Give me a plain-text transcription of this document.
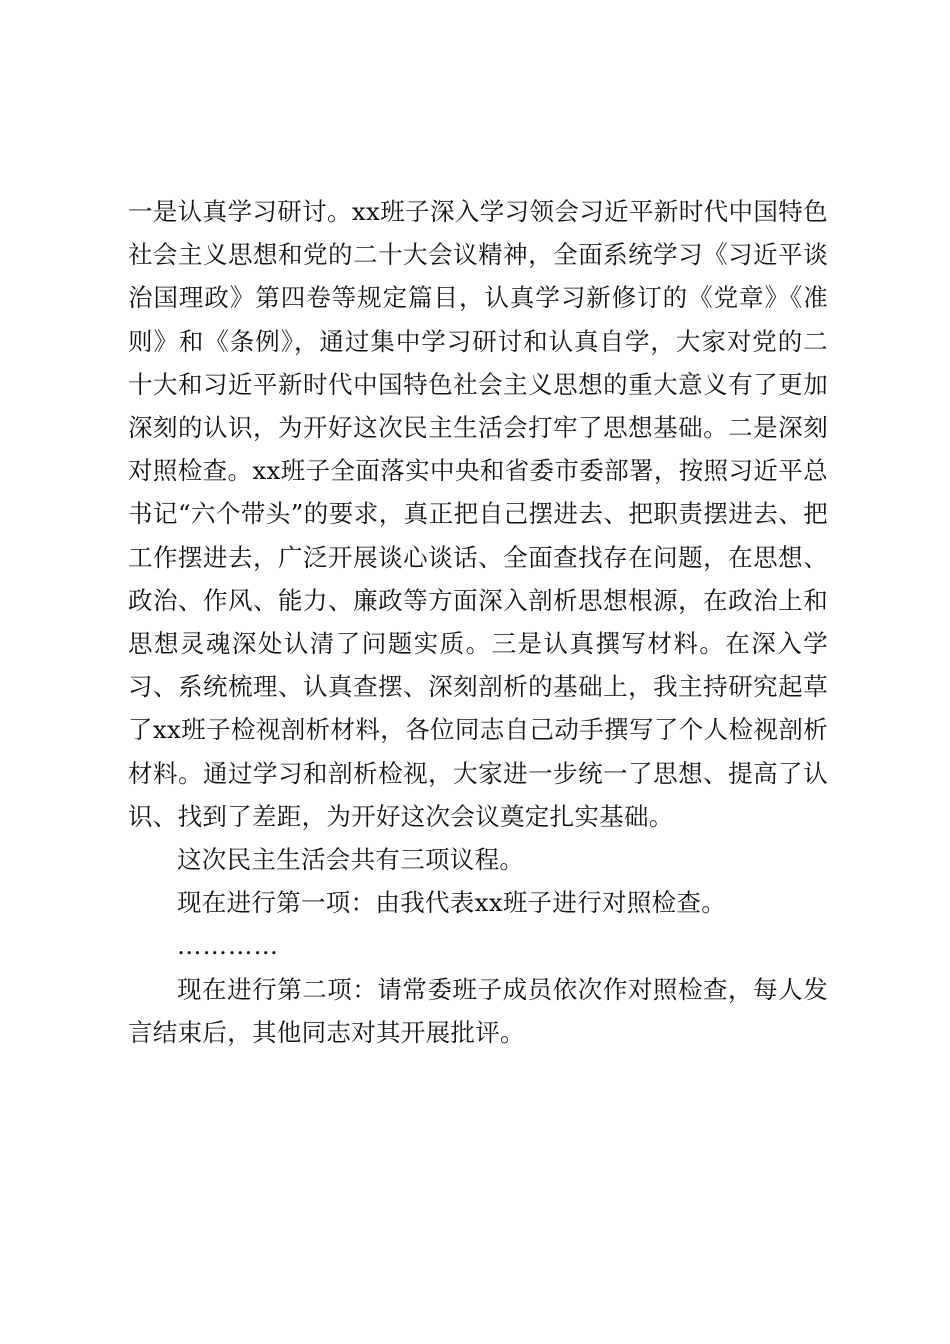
一是认真学习研讨。xx班子深入学习领会习近平新时代中国特色社会主义思想和党的二十大会议精神，全面系统学习《习近平谈治国理政》第四卷等规定篇目，认真学习新修订的《党章》《准则》和《条例》，通过集中学习研讨和认真自学，大家对党的二十大和习近平新时代中国特色社会主义思想的重大意义有了更加深刻的认识，为开好这次民主生活会打牢了思想基础。二是深刻对照检查。xx班子全面落实中央和省委市委部署，按照习近平总书记“六个带头”的要求，真正把自己摆进去、把职责摆进去、把工作摆进去，广泛开展谈心谈话、全面查找存在问题，在思想、政治、作风、能力、廉政等方面深入剖析思想根源，在政治上和思想灵魂深处认清了问题实质。三是认真撰写材料。在深入学习、系统梳理、认真查摆、深刻剖析的基础上，我主持研究起草了xx班子检视剖析材料，各位同志自己动手撰写了个人检视剖析材料。通过学习和剖析检视，大家进一步统一了思想、提高了认识、找到了差距，为开好这次会议奠定扎实基础。

这次民主生活会共有三项议程。

现在进行第一项：由我代表xx班子进行对照检查。

…………

现在进行第二项：请常委班子成员依次作对照检查，每人发言结束后，其他同志对其开展批评。
